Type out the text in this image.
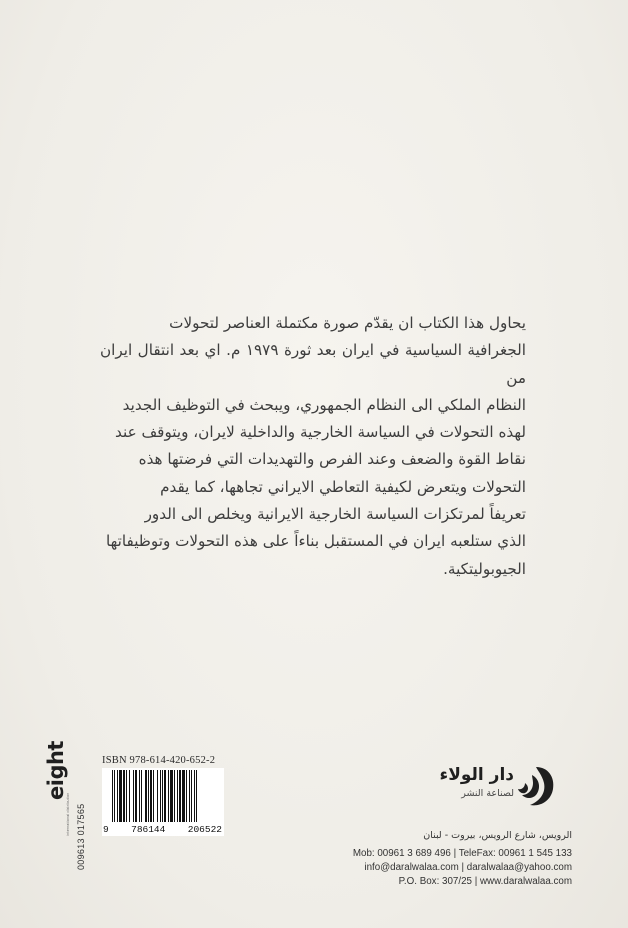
يحاول هذا الكتاب ان يقدّم صورة مكتملة العناصر لتحولات

الجغرافية السياسية في ايران بعد ثورة ١٩٧٩ م. اي بعد انتقال ايران من

النظام الملكي الى النظام الجمهوري، ويبحث في التوظيف الجديد

لهذه التحولات في السياسة الخارجية والداخلية لايران، ويتوقف عند

نقاط القوة والضعف وعند الفرص والتهديدات التي فرضتها هذه

التحولات ويتعرض لكيفية التعاطي الايراني تجاهها، كما يقدم

تعريفاً لمرتكزات السياسة الخارجية الايرانية ويخلص الى الدور

الذي ستلعبه ايران في المستقبل بناءاً على هذه التحولات وتوظيفاتها

الجيوبوليتكية.

ISBN 978-614-420-652-2
9 786144 206522
eight
international distribution 009613 017565
دار الولاء
لصناعة النشر
الرويس، شارع الرويس، بيروت - لبنان
Mob: 00961 3 689 496 | TeleFax: 00961 1 545 133
info@daralwalaa.com | daralwalaa@yahoo.com
P.O. Box: 307/25 | www.daralwalaa.com
